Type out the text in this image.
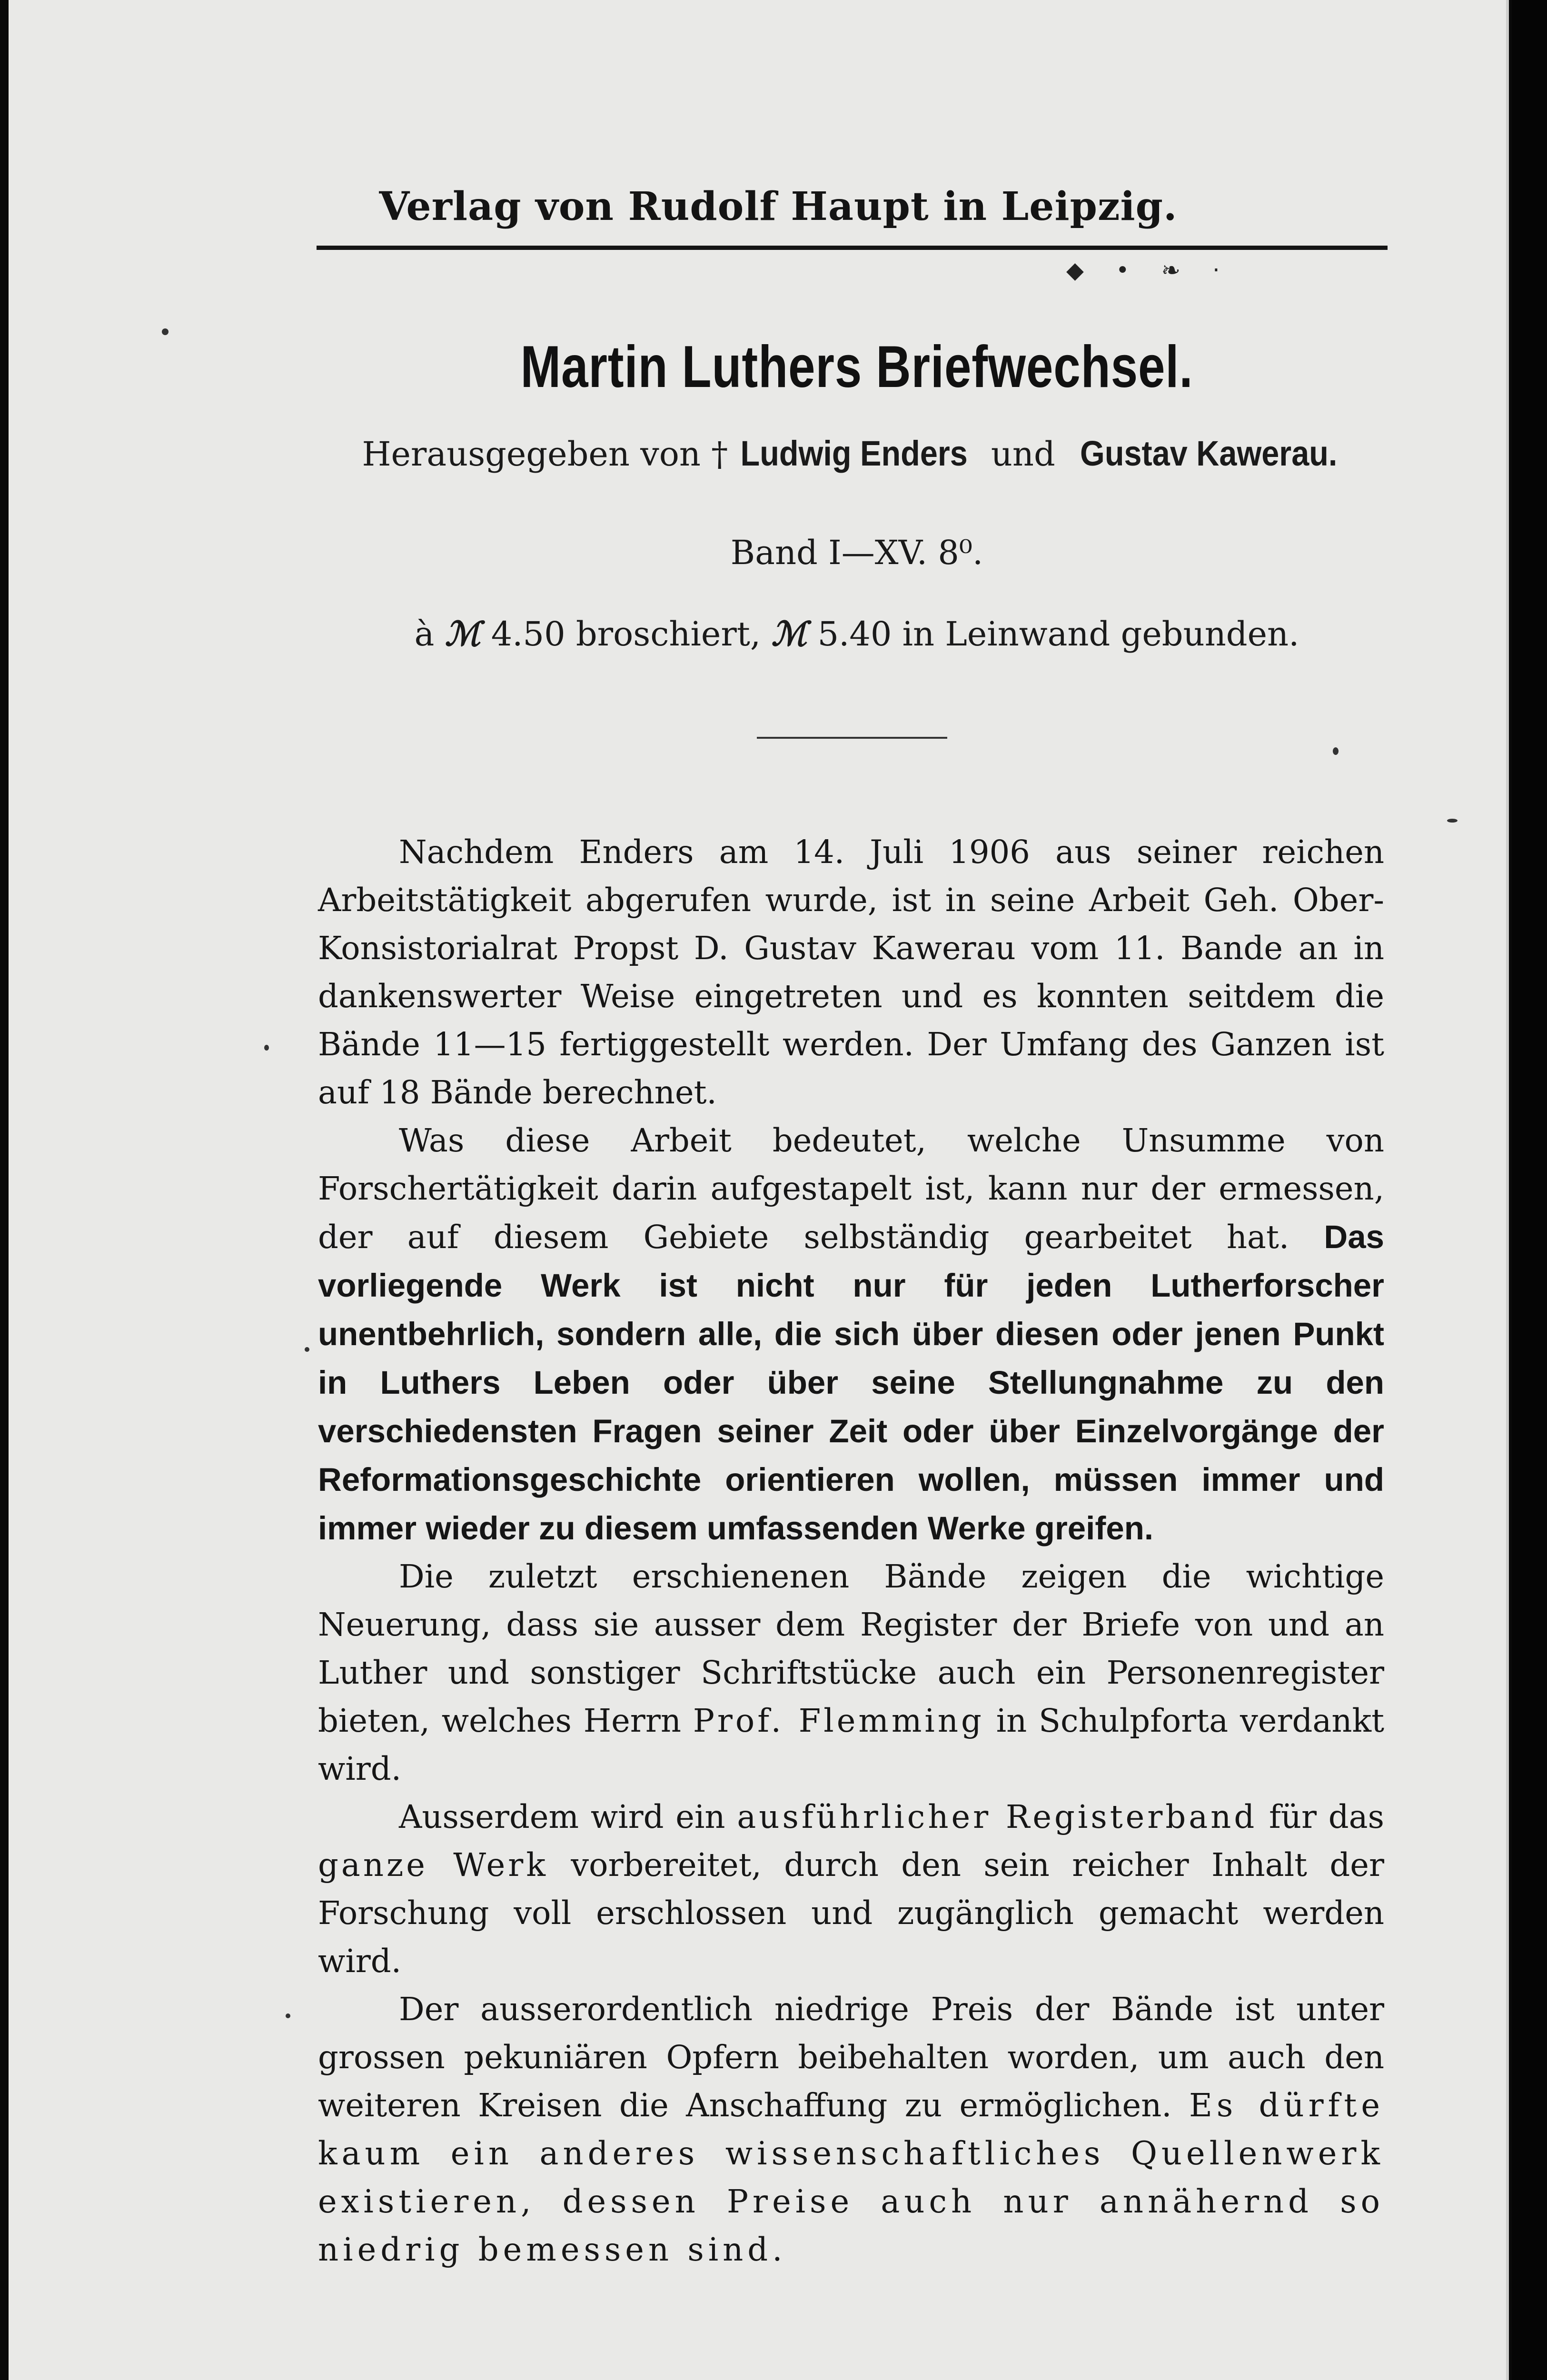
Verlag von Rudolf Haupt in Leipzig.
◆ • ❧ ·
Martin Luthers Briefwechsel.
Herausgegeben von † Ludwig Enders und Gustav Kawerau.
Band I—XV. 8⁰.
à ℳ 4.50 broschiert, ℳ 5.40 in Leinwand gebunden.

Nachdem Enders am 14. Juli 1906 aus seiner reichen Arbeitstätigkeit abgerufen wurde, ist in seine Arbeit Geh. Ober-Konsistorialrat Propst D. Gustav Kawerau vom 11. Bande an in dankenswerter Weise eingetreten und es konnten seitdem die Bände 11—15 fertiggestellt werden. Der Umfang des Ganzen ist auf 18 Bände berechnet.

Was diese Arbeit bedeutet, welche Unsumme von Forschertätigkeit darin aufgestapelt ist, kann nur der ermessen, der auf diesem Gebiete selbständig gearbeitet hat. Das vorliegende Werk ist nicht nur für jeden Lutherforscher unentbehrlich, sondern alle, die sich über diesen oder jenen Punkt in Luthers Leben oder über seine Stellungnahme zu den verschiedensten Fragen seiner Zeit oder über Einzelvorgänge der Reformationsgeschichte orientieren wollen, müssen immer und immer wieder zu diesem umfassenden Werke greifen.

Die zuletzt erschienenen Bände zeigen die wichtige Neuerung, dass sie ausser dem Register der Briefe von und an Luther und sonstiger Schriftstücke auch ein Personenregister bieten, welches Herrn Prof. Flemming in Schulpforta verdankt wird.

Ausserdem wird ein ausführlicher Registerband für das ganze Werk vorbereitet, durch den sein reicher Inhalt der Forschung voll erschlossen und zugänglich gemacht werden wird.

Der ausserordentlich niedrige Preis der Bände ist unter grossen pekuniären Opfern beibehalten worden, um auch den weiteren Kreisen die Anschaffung zu ermöglichen. Es dürfte kaum ein anderes wissenschaftliches Quellenwerk existieren, dessen Preise auch nur annähernd so niedrig bemessen sind.
